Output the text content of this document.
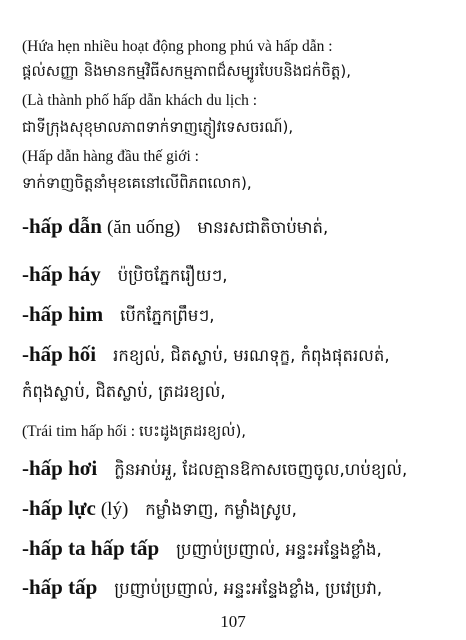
(Hứa hẹn nhiều hoạt động phong phú và hấp dẫn :
ផ្ដល់សញ្ញា និងមានកម្មវិធីសកម្មភាពជ៏សម្បូរបែបនិងជក់ចិត្ត),
(Là thành phố hấp dẫn khách du lịch :
ជាទីក្រុងសុខុមាលភាពទាក់ទាញភ្ញៀវទេសចរណ៍),
(Hấp dẫn hàng đầu thế giới :
ទាក់ទាញចិត្តនាំមុខគេនៅលើពិភពលោក),
-hấp dẫn (ăn uống) មានរសជាតិចាប់មាត់,
-hấp háy ប៉ប្រិចភ្នែករឿយៗ,
-hấp him បើកភ្នែកព្រឹមៗ,
-hấp hối រកខ្យល់, ជិតស្លាប់, មរណទុក្ខ, កំពុងផុតរលត់,
កំពុងស្លាប់, ជិតស្លាប់, ត្រដរខ្យល់,
(Trái tim hấp hối : បេះដូងត្រដរខ្យល់),
-hấp hơi ក្លិនអាប់អួ, ដែលគ្មានឱកាសចេញចូល,ហប់ខ្យល់,
-hấp lực (lý) កម្លាំងទាញ, កម្លាំងស្រូប,
-hấp ta hấp tấp ប្រញាប់ប្រញាល់, អន្ទះអន្ទែងខ្លាំង,
-hấp tấp ប្រញាប់ប្រញាល់, អន្ទះអន្ទែងខ្លាំង, ប្រវេប្រវា,
107
